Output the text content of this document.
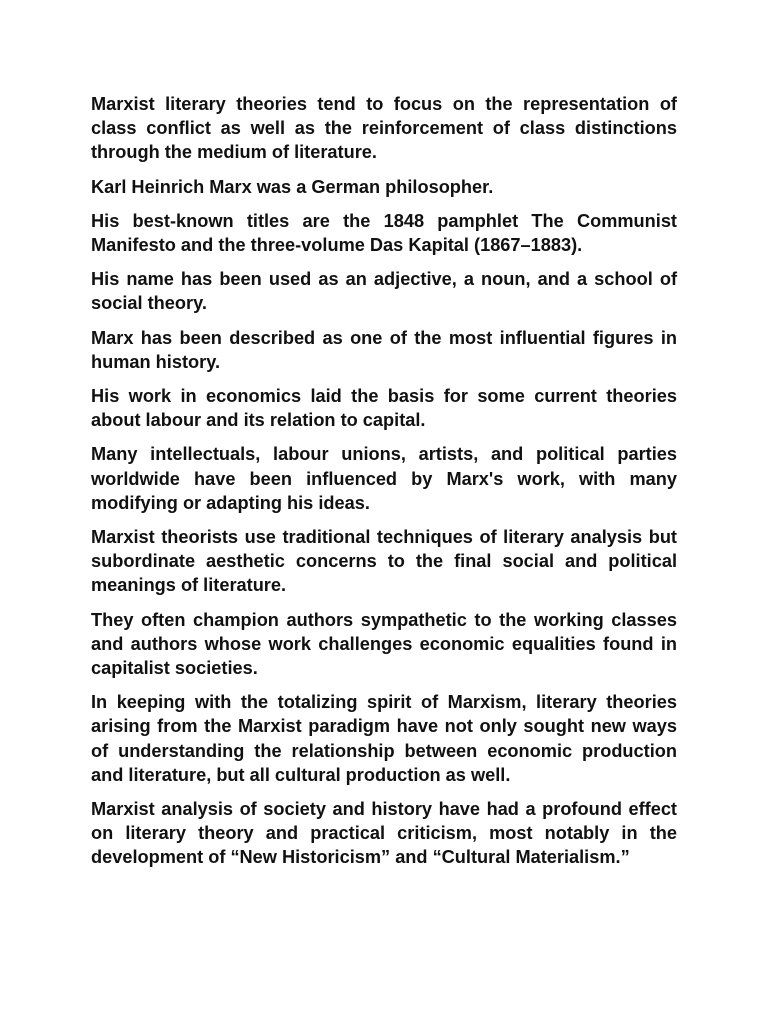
Marxist literary theories tend to focus on the representation of class conflict as well as the reinforcement of class distinctions through the medium of literature.

Karl Heinrich Marx was a German philosopher.

His best-known titles are the 1848 pamphlet The Communist Manifesto and the three-volume Das Kapital (1867–1883).

His name has been used as an adjective, a noun, and a school of social theory.

Marx has been described as one of the most influential figures in human history.

His work in economics laid the basis for some current theories about labour and its relation to capital.

Many intellectuals, labour unions, artists, and political parties worldwide have been influenced by Marx's work, with many modifying or adapting his ideas.

Marxist theorists use traditional techniques of literary analysis but subordinate aesthetic concerns to the final social and political meanings of literature.

They often champion authors sympathetic to the working classes and authors whose work challenges economic equalities found in capitalist societies.

In keeping with the totalizing spirit of Marxism, literary theories arising from the Marxist paradigm have not only sought new ways of understanding the relationship between economic production and literature, but all cultural production as well.

Marxist analysis of society and history have had a profound effect on literary theory and practical criticism, most notably in the development of “New Historicism” and “Cultural Materialism.”
